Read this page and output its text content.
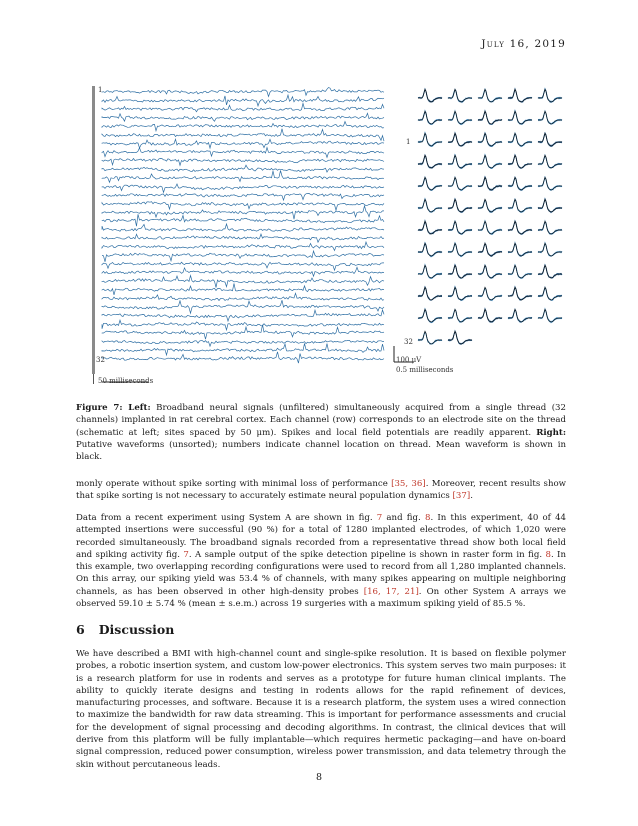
July 16, 2019
1
32
50 milliseconds
100 μV
0.5 milliseconds
1
32
Figure 7: Left: Broadband neural signals (unfiltered) simultaneously acquired from a single thread (32 channels) implanted in rat cerebral cortex. Each channel (row) corresponds to an electrode site on the thread (schematic at left; sites spaced by 50 μm). Spikes and local field potentials are readily apparent. Right: Putative waveforms (unsorted); numbers indicate channel location on thread. Mean waveform is shown in black.
monly operate without spike sorting with minimal loss of performance [35, 36]. Moreover, recent results show that spike sorting is not necessary to accurately estimate neural population dynamics [37].
Data from a recent experiment using System A are shown in fig. 7 and fig. 8. In this experiment, 40 of 44 attempted insertions were successful (90 %) for a total of 1280 implanted electrodes, of which 1,020 were recorded simultaneously. The broadband signals recorded from a representative thread show both local field and spiking activity fig. 7. A sample output of the spike detection pipeline is shown in raster form in fig. 8. In this example, two overlapping recording configurations were used to record from all 1,280 implanted channels. On this array, our spiking yield was 53.4 % of channels, with many spikes appearing on multiple neighboring channels, as has been observed in other high-density probes [16, 17, 21]. On other System A arrays we observed 59.10 ± 5.74 % (mean ± s.e.m.) across 19 surgeries with a maximum spiking yield of 85.5 %.
6 Discussion
We have described a BMI with high-channel count and single-spike resolution. It is based on flexible polymer probes, a robotic insertion system, and custom low-power electronics. This system serves two main purposes: it is a research platform for use in rodents and serves as a prototype for future human clinical implants. The ability to quickly iterate designs and testing in rodents allows for the rapid refinement of devices, manufacturing processes, and software. Because it is a research platform, the system uses a wired connection to maximize the bandwidth for raw data streaming. This is important for performance assessments and crucial for the development of signal processing and decoding algorithms. In contrast, the clinical devices that will derive from this platform will be fully implantable—which requires hermetic packaging—and have on-board signal compression, reduced power consumption, wireless power transmission, and data telemetry through the skin without percutaneous leads.
8
